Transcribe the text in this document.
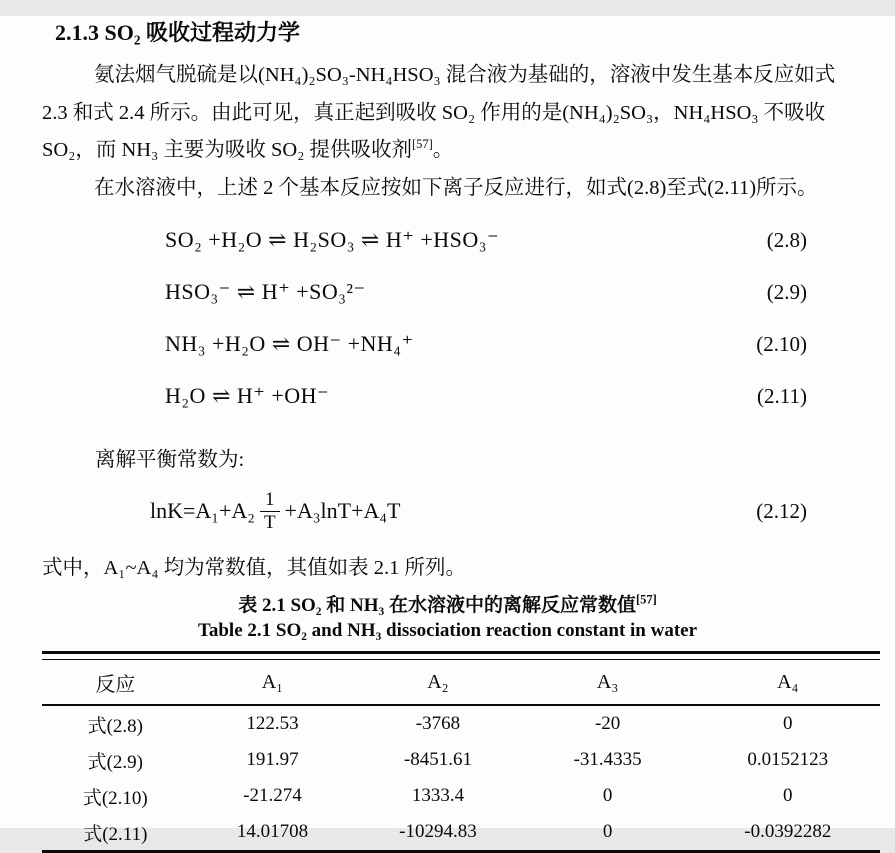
2.1.3 SO₂ 吸收过程动力学
氨法烟气脱硫是以(NH₄)₂SO₃-NH₄HSO₃ 混合液为基础的，溶液中发生基本反应如式
2.3 和式 2.4 所示。由此可见，真正起到吸收 SO₂ 作用的是(NH₄)₂SO₃，NH₄HSO₃ 不吸收
SO₂，而 NH₃ 主要为吸收 SO₂ 提供吸收剂[57]。
在水溶液中，上述 2 个基本反应按如下离子反应进行，如式(2.8)至式(2.11)所示。
SO₂ +H₂O ⇌ H₂SO₃ ⇌ H⁺ +HSO₃⁻	(2.8)
HSO₃⁻ ⇌ H⁺ +SO₃²⁻	(2.9)
NH₃ +H₂O ⇌ OH⁻ +NH₄⁺	(2.10)
H₂O ⇌ H⁺ +OH⁻	(2.11)
离解平衡常数为:
$\ln K=A_1+A_2 \frac{1}{T} +A_3\ln T+A_4T$	(2.12)
式中，A₁~A₄ 均为常数值，其值如表 2.1 所列。
表 2.1 SO₂ 和 NH₃ 在水溶液中的离解反应常数值[57]
Table 2.1 SO₂ and NH₃ dissociation reaction constant in water
反应	A₁	A₂	A₃	A₄
式(2.8)	122.53	-3768	-20	0
式(2.9)	191.97	-8451.61	-31.4335	0.0152123
式(2.10)	-21.274	1333.4	0	0
式(2.11)	14.01708	-10294.83	0	-0.0392282
